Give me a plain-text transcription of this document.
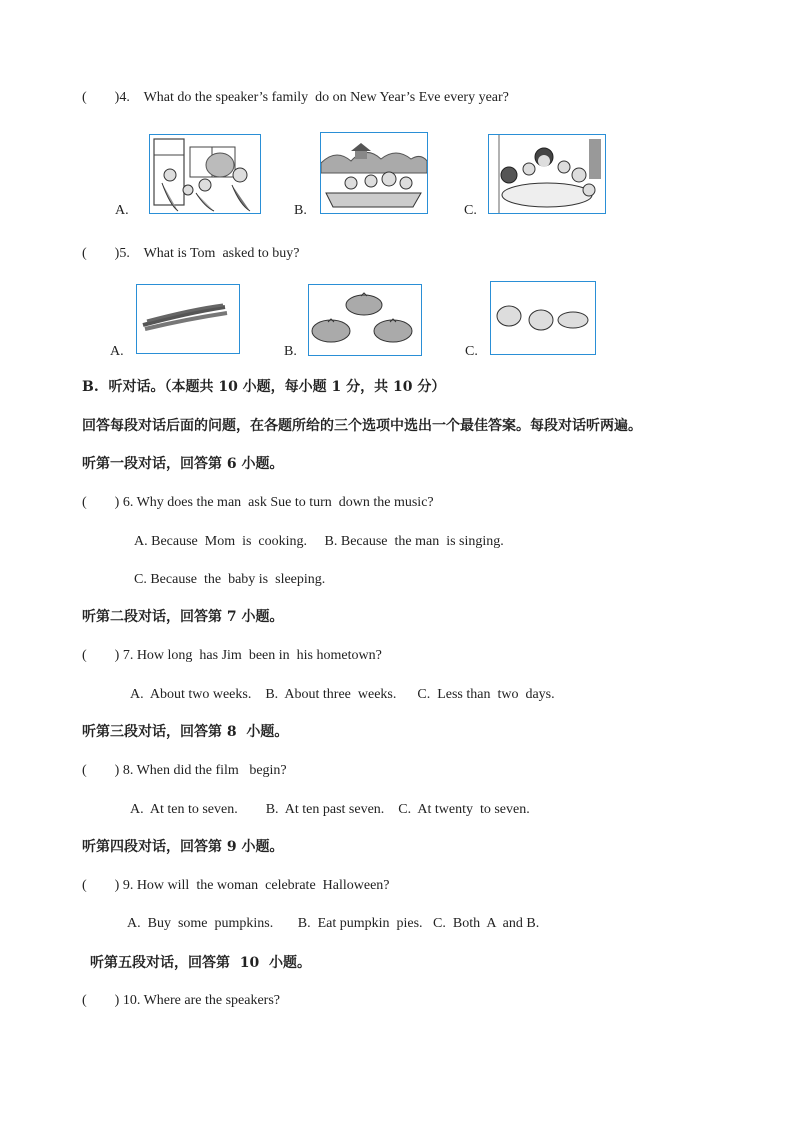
(        )4.    What do the speaker’s family  do on New Year’s Eve every year?
A.	B.	C.
(        )5.    What is Tom  asked to buy?
A.	B.	C.
B.  听对话。（本题共 10 小题，每小题 1 分，共 10 分）
回答每段对话后面的问题，在各题所给的三个选项中选出一个最佳答案。每段对话听两遍。
听第一段对话，回答第 6 小题。
(        ) 6. Why does the man  ask Sue to turn  down the music?
A. Because  Mom  is  cooking.     B. Because  the man  is singing.
C. Because  the  baby is  sleeping.
听第二段对话，回答第 7 小题。
(        ) 7. How long  has Jim  been in  his hometown?
A.  About two weeks.    B.  About three  weeks.      C.  Less than  two  days.
听第三段对话，回答第 8  小题。
(        ) 8. When did the film   begin?
A.  At ten to seven.        B.  At ten past seven.    C.  At twenty  to seven.
听第四段对话，回答第 9 小题。
(        ) 9. How will  the woman  celebrate  Halloween?
A.  Buy  some  pumpkins.       B.  Eat pumpkin  pies.   C.  Both  A  and B.
听第五段对话，回答第  10  小题。
(        ) 10. Where are the speakers?
